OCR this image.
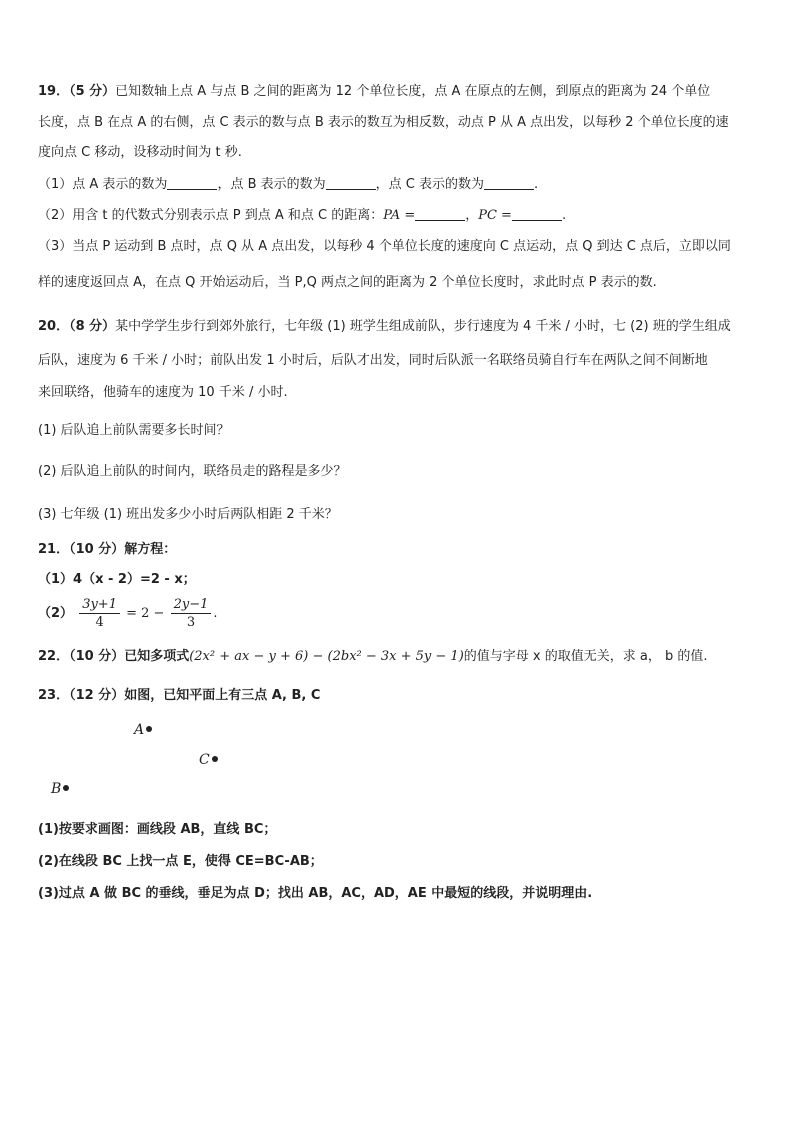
19．（5 分）已知数轴上点 A 与点 B 之间的距离为 12 个单位长度，点 A 在原点的左侧，到原点的距离为 24 个单位
长度，点 B 在点 A 的右侧，点 C 表示的数与点 B 表示的数互为相反数，动点 P 从 A 点出发，以每秒 2 个单位长度的速
度向点 C 移动，设移动时间为 t 秒.
（1）点 A 表示的数为	，点 B 表示的数为	，点 C 表示的数为	.
（2）用含 t 的代数式分别表示点 P 到点 A 和点 C 的距离：PA =	，PC =	.
（3）当点 P 运动到 B 点时，点 Q 从 A 点出发，以每秒 4 个单位长度的速度向 C 点运动，点 Q 到达 C 点后，立即以同
样的速度返回点 A，在点 Q 开始运动后，当 P,Q 两点之间的距离为 2 个单位长度时，求此时点 P 表示的数.
20．（8 分）某中学学生步行到郊外旅行，七年级 (1) 班学生组成前队，步行速度为 4 千米 / 小时，七 (2) 班的学生组成
后队，速度为 6 千米 / 小时；前队出发 1 小时后，后队才出发，同时后队派一名联络员骑自行车在两队之间不间断地
来回联络，他骑车的速度为 10 千米 / 小时.
(1) 后队追上前队需要多长时间？
(2) 后队追上前队的时间内，联络员走的路程是多少？
(3) 七年级 (1) 班出发多少小时后两队相距 2 千米？
21．（10 分）解方程：
（1）4（x - 2）=2 - x；
$(2) \frac{3y+1}{4} = 2 - \frac{2y-1}{3}$ .
22．（10 分）已知多项式(2x² + ax − y + 6) − (2bx² − 3x + 5y − 1)的值与字母 x 的取值无关，求 a， b 的值.
23．（12 分）如图，已知平面上有三点 A, B, C
A
C
B
(1)按要求画图：画线段 AB，直线 BC；
(2)在线段 BC 上找一点 E，使得 CE=BC-AB；
(3)过点 A 做 BC 的垂线，垂足为点 D；找出 AB，AC，AD，AE 中最短的线段，并说明理由.
